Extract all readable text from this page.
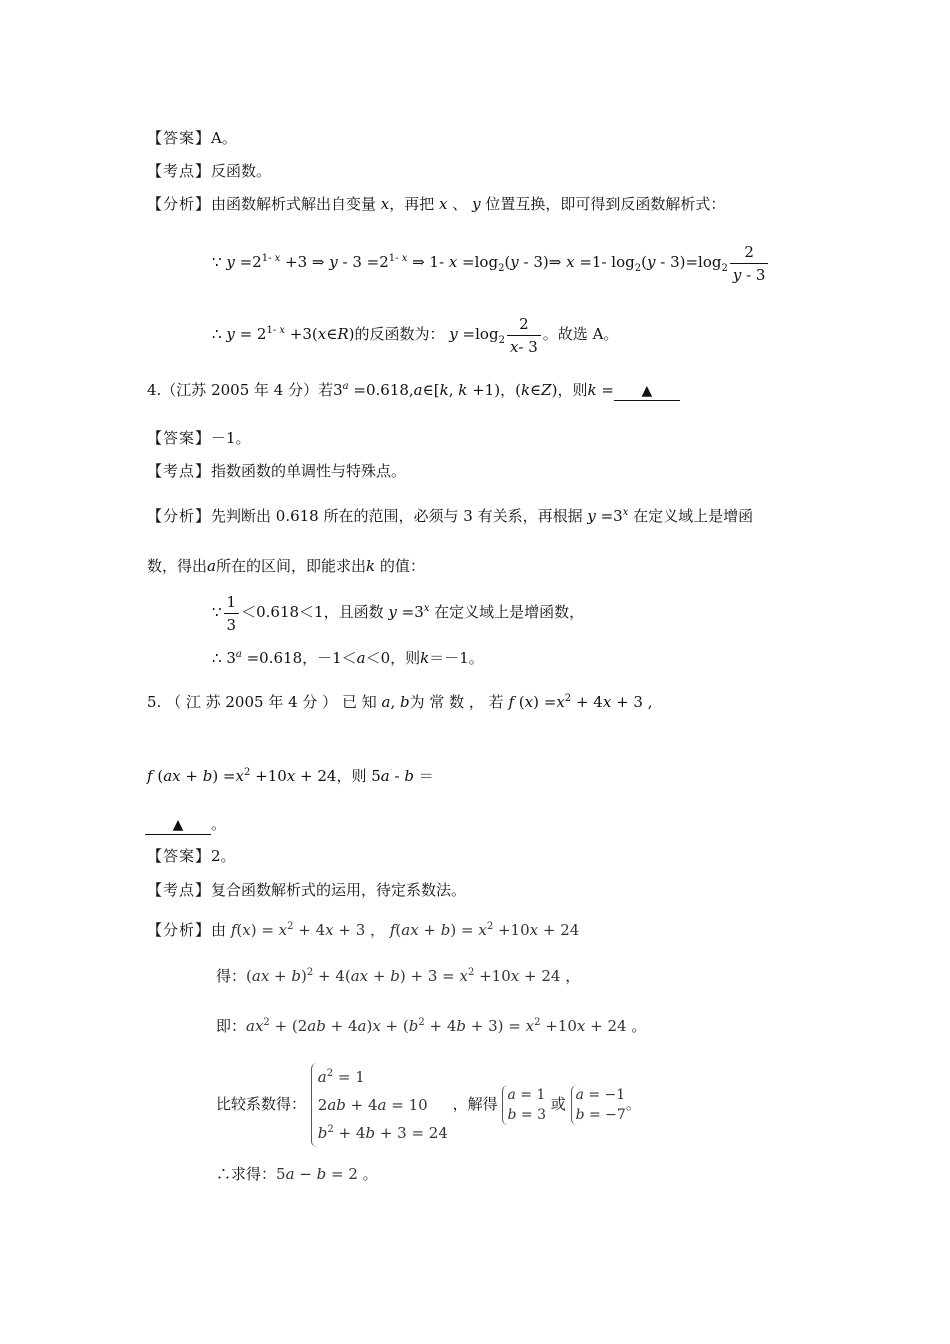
【答案】A。
【考点】反函数。
【分析】由函数解析式解出自变量 x，再把 x 、 y 位置互换，即可得到反函数解析式：
∵ $y =2^{1- x} +3$ ⇒ $y - 3 =2^{1- x}$ ⇒ 1- $x =\log_2(y$ - 3)⇒ x =1- $\log_2(y - 3)=\log_2 \frac{2}{y - 3}$
∴ $y = 2^{1- x}$ +3(x∈R)的反函数为： $y =\log_2 \frac{2}{x- 3}$ 。故选 A。
4.（江苏 2005 年 4 分）若$3^a$ =0.618,a∈[k, k +1)，(k∈Z)，则k = ▲
【答案】－1。
【考点】指数函数的单调性与特殊点。
【分析】先判断出 0.618 所在的范围，必须与 3 有关系，再根据 $y =3^x$ 在定义域上是增函
数，得出a所在的区间，即能求出k 的值：
∵ $\frac{1}{3} <0.618<1$，且函数 $y =3^x$ 在定义域上是增函数，
∴ $3^a =0.618$，－1＜a＜0，则k＝－1。
5. （ 江 苏 2005 年 4 分 ） 已 知 a, b为 常 数 ， 若 f $(x) =x^2 + 4x + 3$ ,
f $(ax + b) =x^2 +10x + 24$，则 5a - b ＝
▲ 。
【答案】2。
【考点】复合函数解析式的运用，待定系数法。
【分析】由 $f(x) = x^2 + 4x + 3$ ， $f(ax + b) = x^2 +10x + 24$
得：$(ax + b)^2 + 4(ax + b) + 3 = x^2 +10x + 24$ ，
即：$ax^2 + (2ab + 4a)x + (b^2 + 4b + 3) = x^2 +10x + 24$ 。
比较系数得：
$a^2 = 1$
2ab + 4a = 10
$b^2 + 4b + 3 = 24$
，解得 a = 1
b = 3
或 a = −1
b = −7
。
∴求得：5a − b = 2 。
